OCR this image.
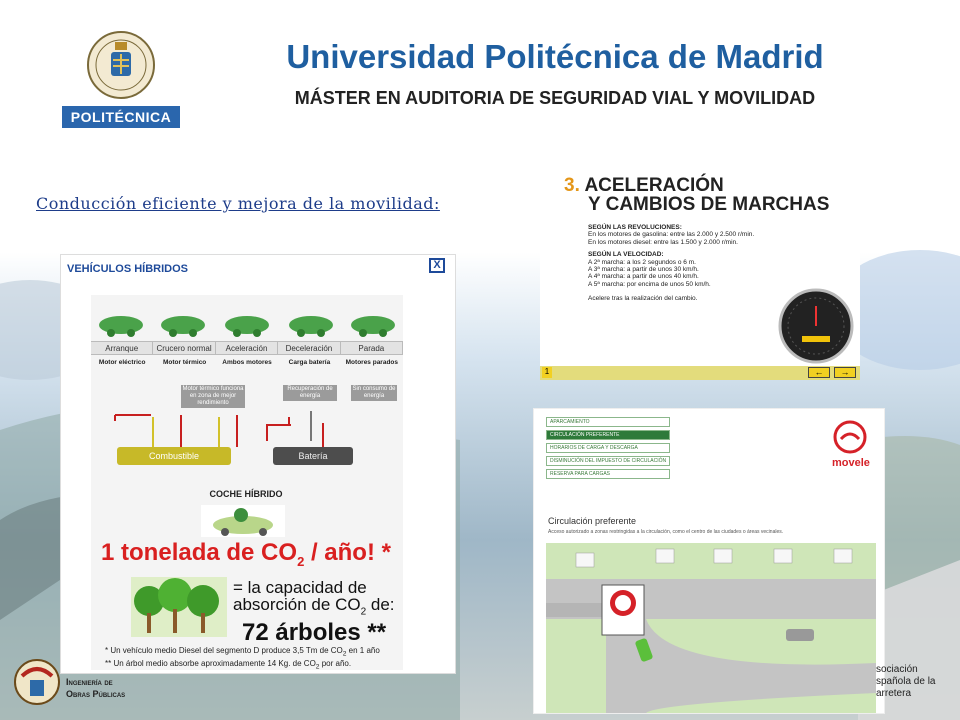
POLITÉCNICA
Universidad Politécnica de Madrid
MÁSTER EN AUDITORIA DE SEGURIDAD VIAL Y MOVILIDAD
Conducción eficiente y mejora de la movilidad:
VEHÍCULOS HÍBRIDOS	X
Arranque	Crucero normal	Aceleración	Deceleración	Parada
Motor eléctrico	Motor térmico	Ambos motores	Carga batería	Motores parados
Motor térmico funciona en zona de mejor rendimiento
Recuperación de energía
Sin consumo de energía
Combustible	Batería
COCHE HÍBRIDO
1 tonelada de $CO_2$ / año! *
= la capacidad de
absorción de $CO_2$ de:
72 árboles **
* Un vehículo medio Diesel del segmento D produce 3,5 Tm de $CO_2$ en 1 año
** Un árbol medio absorbe aproximadamente 14 Kg. de $CO_2$ por año.
3. ACELERACIÓN
Y CAMBIOS DE MARCHAS
SEGÚN LAS REVOLUCIONES:
En los motores de gasolina: entre las 2.000 y 2.500 r/min.
En los motores diesel: entre las 1.500 y 2.000 r/min.
SEGÚN LA VELOCIDAD:
A 2ª marcha: a los 2 segundos o 6 m.
A 3ª marcha: a partir de unos 30 km/h.
A 4ª marcha: a partir de unos 40 km/h.
A 5ª marcha: por encima de unos 50 km/h.
Acelere tras la realización del cambio.
1	←	→
APARCAMIENTO
CIRCULACIÓN PREFERENTE
HORARIOS DE CARGA Y DESCARGA
DISMINUCIÓN DEL IMPUESTO DE CIRCULACIÓN
RESERVA PARA CARGAS
movele
Circulación preferente
Acceso autorizado a zonas restringidas a la circulación, como el centro de las ciudades o áreas vecinales.
Ingeniería de
Obras Públicas
sociación
spañola de la
arretera
